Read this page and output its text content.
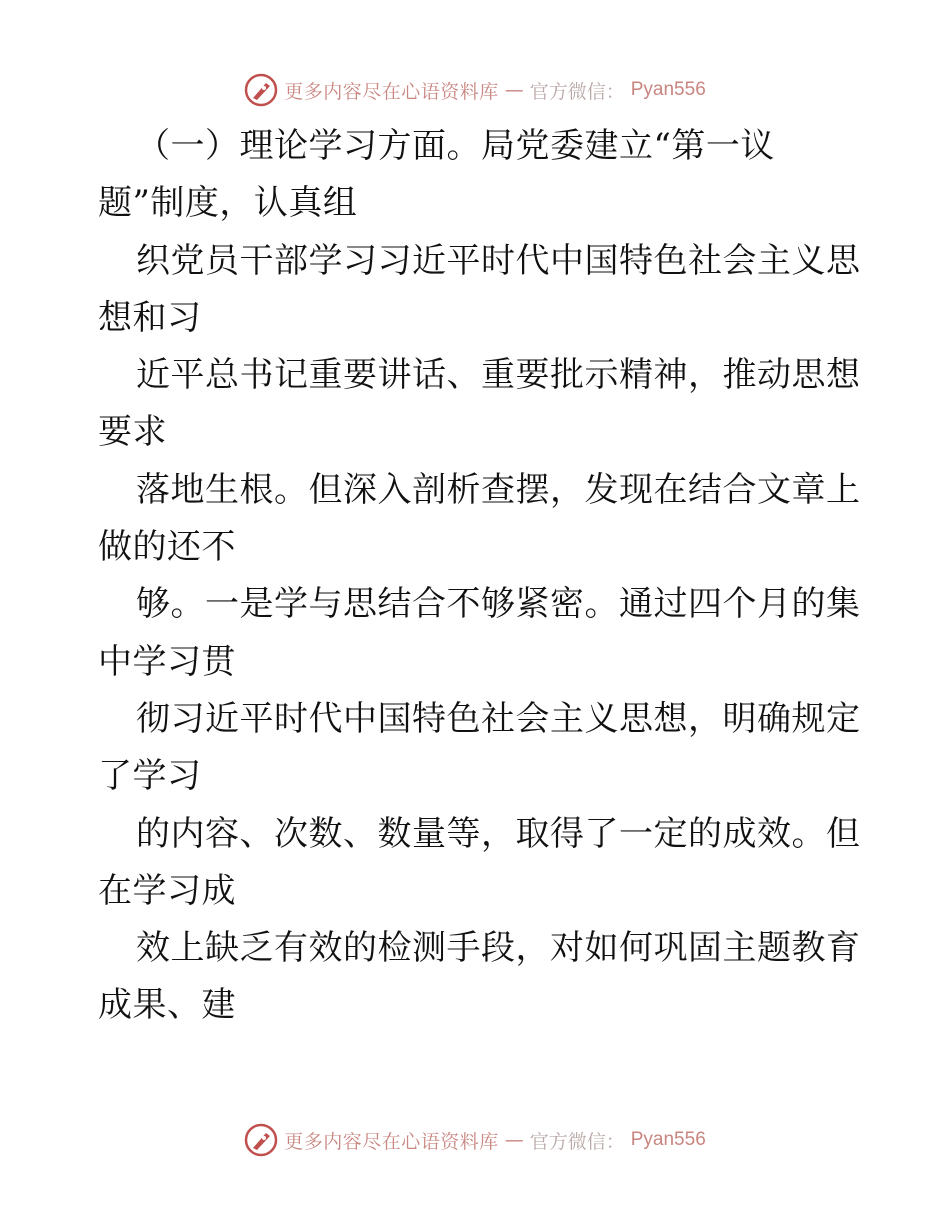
更多内容尽在心语资料库 — 官方微信： Pyan556
（一）理论学习方面。局党委建立“第一议
题”制度，认真组
织党员干部学习习近平时代中国特色社会主义思
想和习
近平总书记重要讲话、重要批示精神，推动思想
要求
落地生根。但深入剖析查摆，发现在结合文章上
做的还不
够。一是学与思结合不够紧密。通过四个月的集
中学习贯
彻习近平时代中国特色社会主义思想，明确规定
了学习
的内容、次数、数量等，取得了一定的成效。但
在学习成
效上缺乏有效的检测手段，对如何巩固主题教育
成果、建
更多内容尽在心语资料库 — 官方微信： Pyan556
